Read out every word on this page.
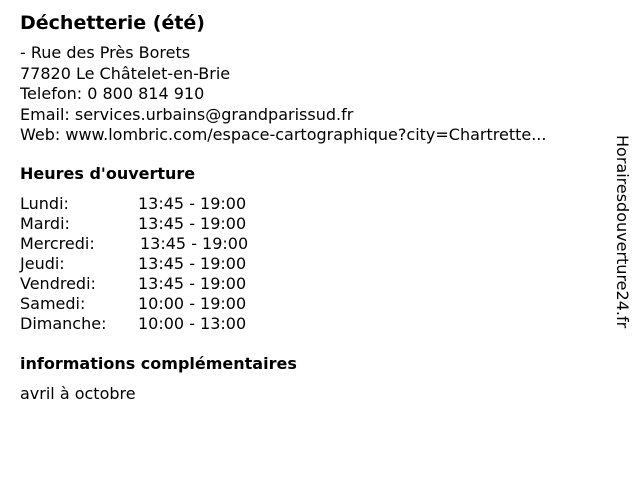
Déchetterie (été)
- Rue des Près Borets
77820 Le Châtelet-en-Brie
Telefon: 0 800 814 910
Email: services.urbains@grandparissud.fr
Web: www.lombric.com/espace-cartographique?city=Chartrette...
Heures d'ouverture
Lundi:	13:45 - 19:00
Mardi:	13:45 - 19:00
Mercredi:	13:45 - 19:00
Jeudi:	13:45 - 19:00
Vendredi:	13:45 - 19:00
Samedi:	10:00 - 19:00
Dimanche:	10:00 - 13:00
informations complémentaires
avril à octobre
Horairesdouverture24.fr
